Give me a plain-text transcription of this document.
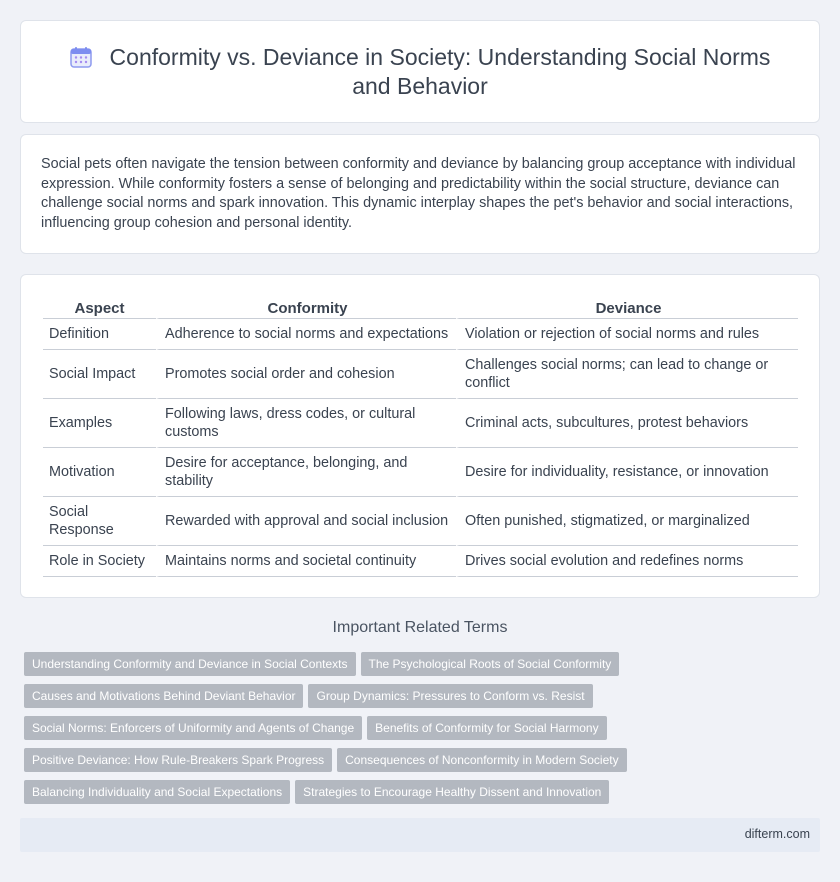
Conformity vs. Deviance in Society: Understanding Social Norms and Behavior

Social pets often navigate the tension between conformity and deviance by balancing group acceptance with individual expression. While conformity fosters a sense of belonging and predictability within the social structure, deviance can challenge social norms and spark innovation. This dynamic interplay shapes the pet's behavior and social interactions, influencing group cohesion and personal identity.

Aspect	Conformity	Deviance
Definition	Adherence to social norms and expectations	Violation or rejection of social norms and rules
Social Impact	Promotes social order and cohesion	Challenges social norms; can lead to change or conflict
Examples	Following laws, dress codes, or cultural customs	Criminal acts, subcultures, protest behaviors
Motivation	Desire for acceptance, belonging, and stability	Desire for individuality, resistance, or innovation
Social Response	Rewarded with approval and social inclusion	Often punished, stigmatized, or marginalized
Role in Society	Maintains norms and societal continuity	Drives social evolution and redefines norms
Important Related Terms
Understanding Conformity and Deviance in Social Contexts The Psychological Roots of Social Conformity
Causes and Motivations Behind Deviant Behavior Group Dynamics: Pressures to Conform vs. Resist
Social Norms: Enforcers of Uniformity and Agents of Change Benefits of Conformity for Social Harmony
Positive Deviance: How Rule-Breakers Spark Progress Consequences of Nonconformity in Modern Society
Balancing Individuality and Social Expectations Strategies to Encourage Healthy Dissent and Innovation
difterm.com
